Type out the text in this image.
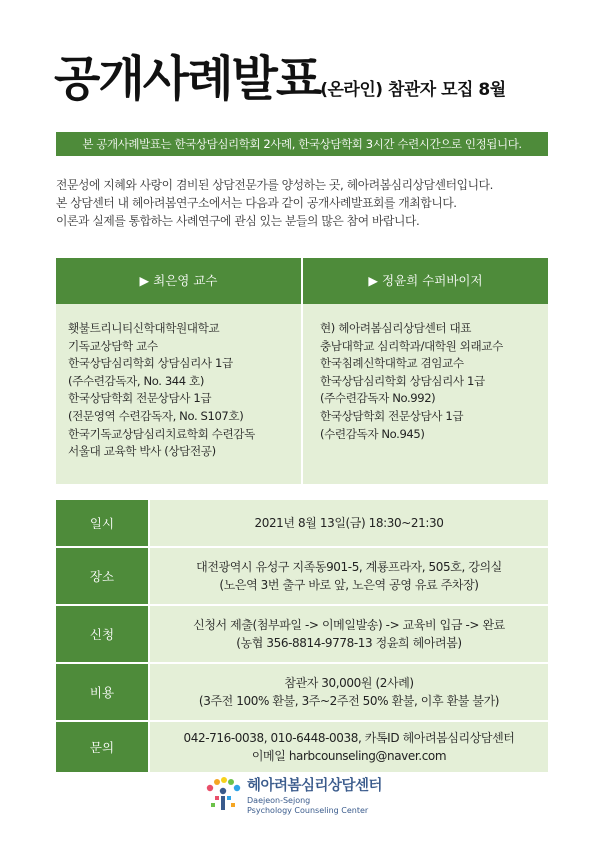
공개사례발표(온라인) 참관자 모집 8월
본 공개사례발표는 한국상담심리학회 2사례, 한국상담학회 3시간 수련시간으로 인정됩니다.
전문성에 지혜와 사랑이 겸비된 상담전문가를 양성하는 곳, 헤아려봄심리상담센터입니다.
본 상담센터 내 헤아려봄연구소에서는 다음과 같이 공개사례발표회를 개최합니다.
이론과 실제를 통합하는 사례연구에 관심 있는 분들의 많은 참여 바랍니다.
▶ 최은영 교수	▶ 정윤희 수퍼바이저
횃불트리니티신학대학원대학교
기독교상담학 교수
한국상담심리학회 상담심리사 1급
(주수련감독자, No. 344 호)
한국상담학회 전문상담사 1급
(전문영역 수련감독자, No. S107호)
한국기독교상담심리치료학회 수련감독
서울대 교육학 박사 (상담전공)
현) 헤아려봄심리상담센터 대표
충남대학교 심리학과/대학원 외래교수
한국침례신학대학교 겸임교수
한국상담심리학회 상담심리사 1급
(주수련감독자 No.992)
한국상담학회 전문상담사 1급
(수련감독자 No.945)
일시	2021년 8월 13일(금) 18:30~21:30
장소
대전광역시 유성구 지족동901-5, 계룡프라자, 505호, 강의실
(노은역 3번 출구 바로 앞, 노은역 공영 유료 주차장)
신청
신청서 제출(첨부파일 -> 이메일발송) -> 교육비 입금 -> 완료
(농협 356-8814-9778-13 정윤희 헤아려봄)
비용
참관자 30,000원 (2사례)
(3주전 100% 환불, 3주~2주전 50% 환불, 이후 환불 불가)
문의
042-716-0038, 010-6448-0038, 카톡ID 헤아려봄심리상담센터
이메일 harbcounseling@naver.com
헤아려봄심리상담센터
Daejeon-Sejong
Psychology Counseling Center
